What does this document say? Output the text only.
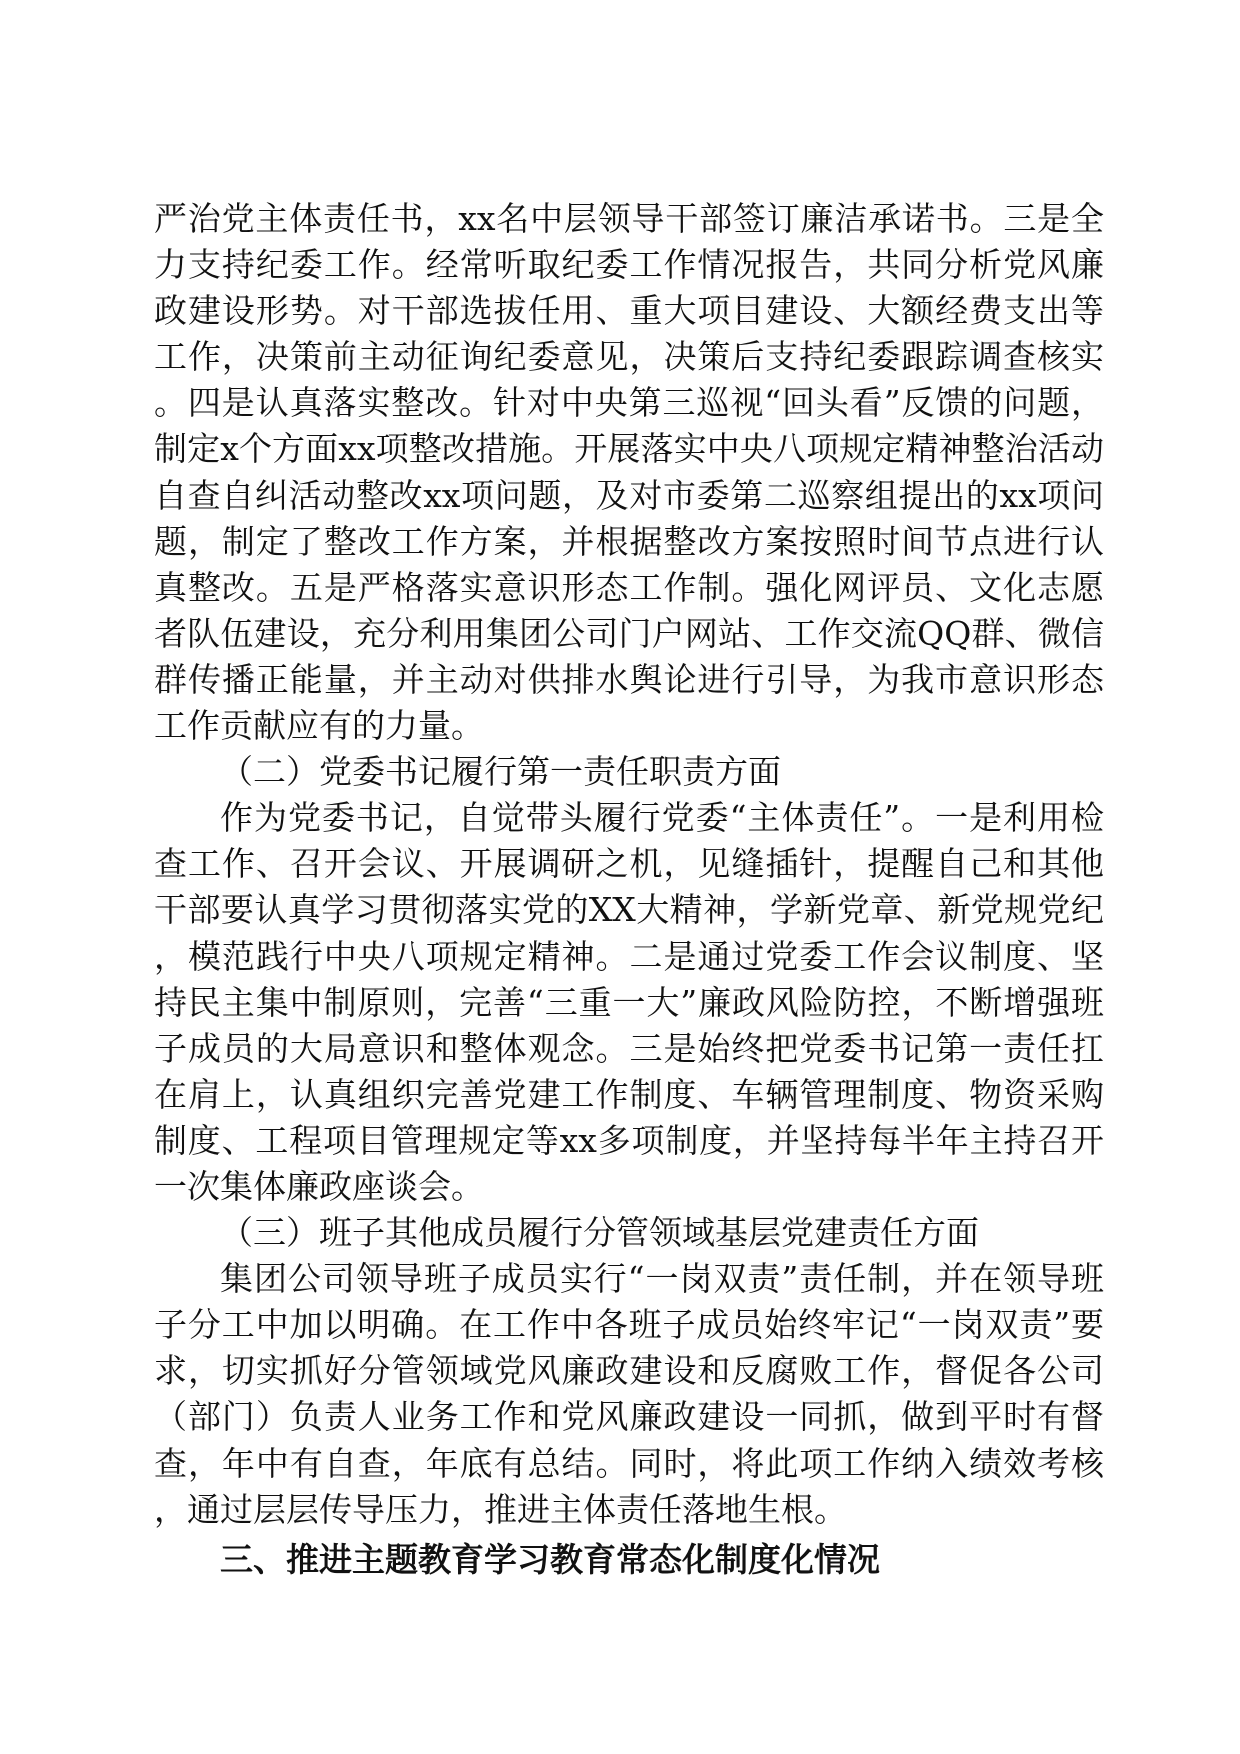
严治党主体责任书，xx名中层领导干部签订廉洁承诺书。三是全力支持纪委工作。经常听取纪委工作情况报告，共同分析党风廉政建设形势。对干部选拔任用、重大项目建设、大额经费支出等工作，决策前主动征询纪委意见，决策后支持纪委跟踪调查核实。四是认真落实整改。针对中央第三巡视“回头看”反馈的问题，制定x个方面xx项整改措施。开展落实中央八项规定精神整治活动自查自纠活动整改xx项问题，及对市委第二巡察组提出的xx项问题，制定了整改工作方案，并根据整改方案按照时间节点进行认真整改。五是严格落实意识形态工作制。强化网评员、文化志愿者队伍建设，充分利用集团公司门户网站、工作交流QQ群、微信群传播正能量，并主动对供排水舆论进行引导，为我市意识形态工作贡献应有的力量。

（二）党委书记履行第一责任职责方面

作为党委书记，自觉带头履行党委“主体责任”。一是利用检查工作、召开会议、开展调研之机，见缝插针，提醒自己和其他干部要认真学习贯彻落实党的XX大精神，学新党章、新党规党纪，模范践行中央八项规定精神。二是通过党委工作会议制度、坚持民主集中制原则，完善“三重一大”廉政风险防控，不断增强班子成员的大局意识和整体观念。三是始终把党委书记第一责任扛在肩上，认真组织完善党建工作制度、车辆管理制度、物资采购制度、工程项目管理规定等xx多项制度，并坚持每半年主持召开一次集体廉政座谈会。

（三）班子其他成员履行分管领域基层党建责任方面

集团公司领导班子成员实行“一岗双责”责任制，并在领导班子分工中加以明确。在工作中各班子成员始终牢记“一岗双责”要求，切实抓好分管领域党风廉政建设和反腐败工作，督促各公司（部门）负责人业务工作和党风廉政建设一同抓，做到平时有督查，年中有自查，年底有总结。同时，将此项工作纳入绩效考核，通过层层传导压力，推进主体责任落地生根。

三、推进主题教育学习教育常态化制度化情况
